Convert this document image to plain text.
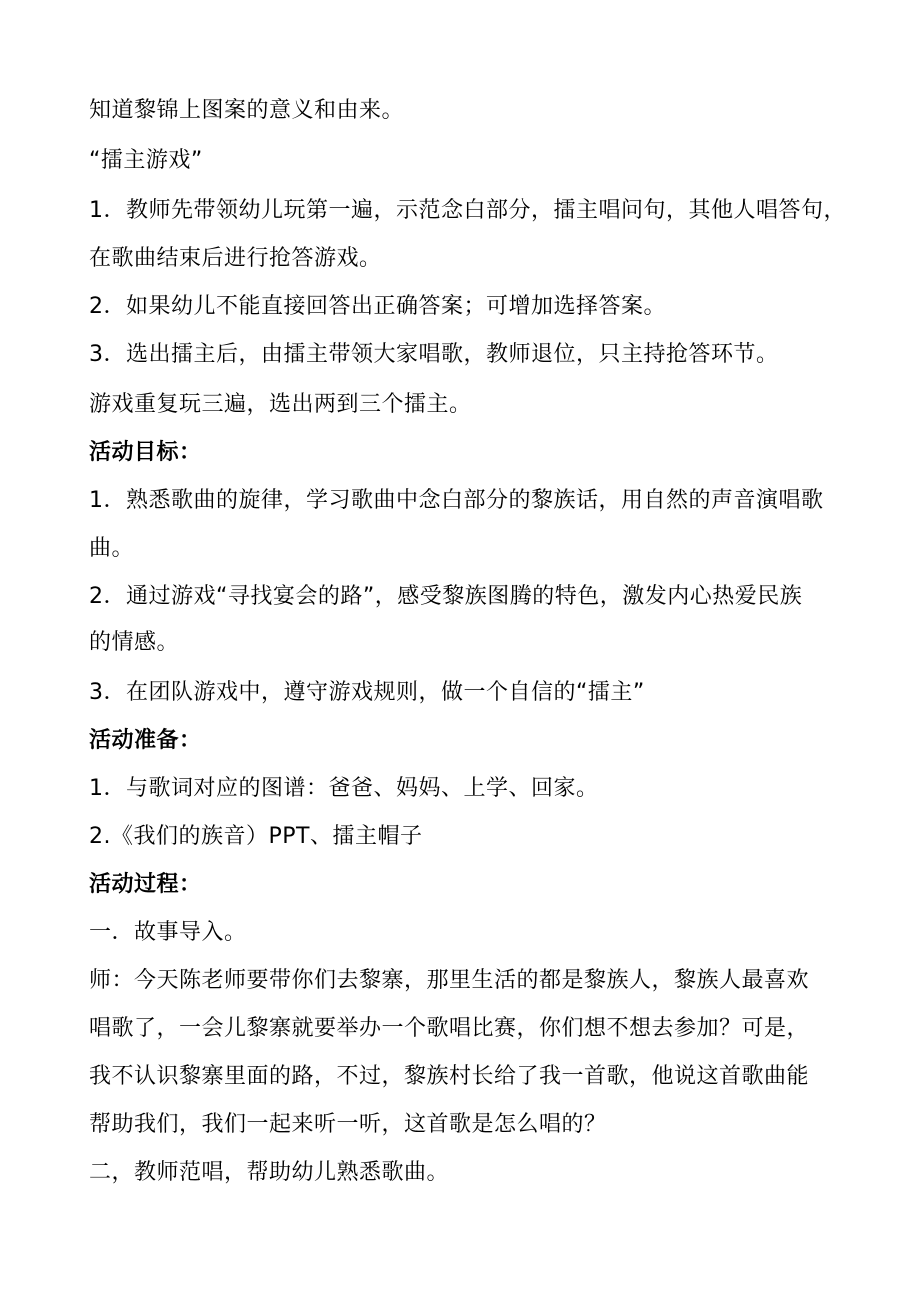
知道黎锦上图案的意义和由来。
“擂主游戏”
1．教师先带领幼儿玩第一遍，示范念白部分，擂主唱问句，其他人唱答句，
在歌曲结束后进行抢答游戏。
2．如果幼儿不能直接回答出正确答案；可增加选择答案。
3．选出擂主后，由擂主带领大家唱歌，教师退位，只主持抢答环节。
游戏重复玩三遍，选出两到三个擂主。
活动目标：
1．熟悉歌曲的旋律，学习歌曲中念白部分的黎族话，用自然的声音演唱歌
曲。
2．通过游戏“寻找宴会的路”，感受黎族图腾的特色，激发内心热爱民族
的情感。
3．在团队游戏中，遵守游戏规则，做一个自信的“擂主”
活动准备：
1．与歌词对应的图谱：爸爸、妈妈、上学、回家。
2.《我们的族音）PPT、擂主帽子
活动过程：
一．故事导入。
师：今天陈老师要带你们去黎寨，那里生活的都是黎族人，黎族人最喜欢
唱歌了，一会儿黎寨就要举办一个歌唱比赛，你们想不想去参加？可是，
我不认识黎寨里面的路，不过，黎族村长给了我一首歌，他说这首歌曲能
帮助我们，我们一起来听一听，这首歌是怎么唱的？
二，教师范唱，帮助幼儿熟悉歌曲。
